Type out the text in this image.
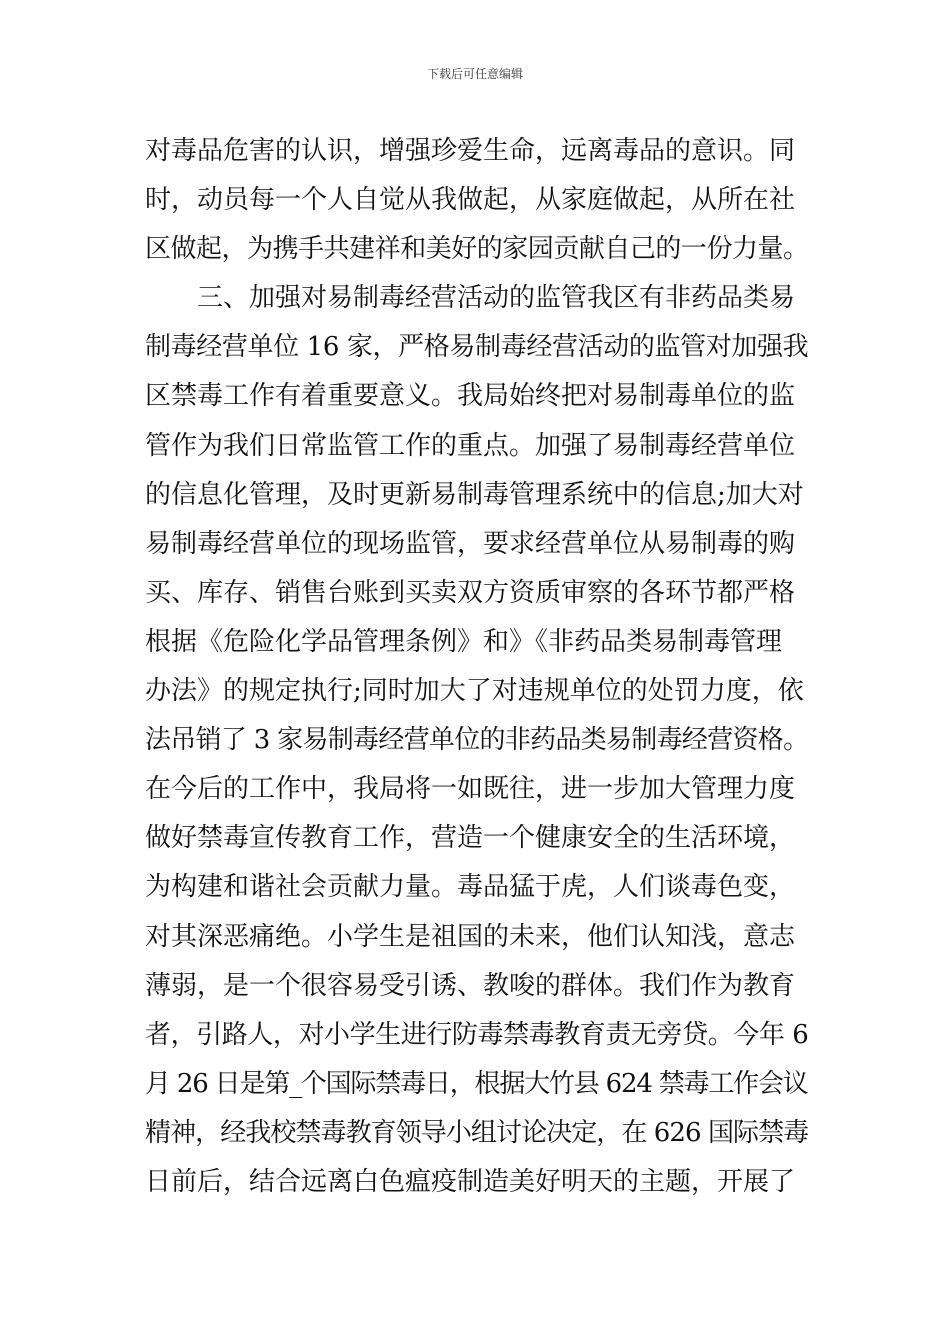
下载后可任意编辑
对毒品危害的认识，增强珍爱生命，远离毒品的意识。同
时，动员每一个人自觉从我做起，从家庭做起，从所在社
区做起，为携手共建祥和美好的家园贡献自己的一份力量。
　　三、加强对易制毒经营活动的监管我区有非药品类易
制毒经营单位 16 家，严格易制毒经营活动的监管对加强我
区禁毒工作有着重要意义。我局始终把对易制毒单位的监
管作为我们日常监管工作的重点。加强了易制毒经营单位
的信息化管理，及时更新易制毒管理系统中的信息;加大对
易制毒经营单位的现场监管，要求经营单位从易制毒的购
买、库存、销售台账到买卖双方资质审察的各环节都严格
根据《危险化学品管理条例》和》《非药品类易制毒管理
办法》的规定执行;同时加大了对违规单位的处罚力度，依
法吊销了 3 家易制毒经营单位的非药品类易制毒经营资格。
在今后的工作中，我局将一如既往，进一步加大管理力度
做好禁毒宣传教育工作，营造一个健康安全的生活环境，
为构建和谐社会贡献力量。毒品猛于虎，人们谈毒色变，
对其深恶痛绝。小学生是祖国的未来，他们认知浅，意志
薄弱，是一个很容易受引诱、教唆的群体。我们作为教育
者，引路人，对小学生进行防毒禁毒教育责无旁贷。今年 6
月 26 日是第_个国际禁毒日，根据大竹县 624 禁毒工作会议
精神，经我校禁毒教育领导小组讨论决定，在 626 国际禁毒
日前后，结合远离白色瘟疫制造美好明天的主题，开展了
